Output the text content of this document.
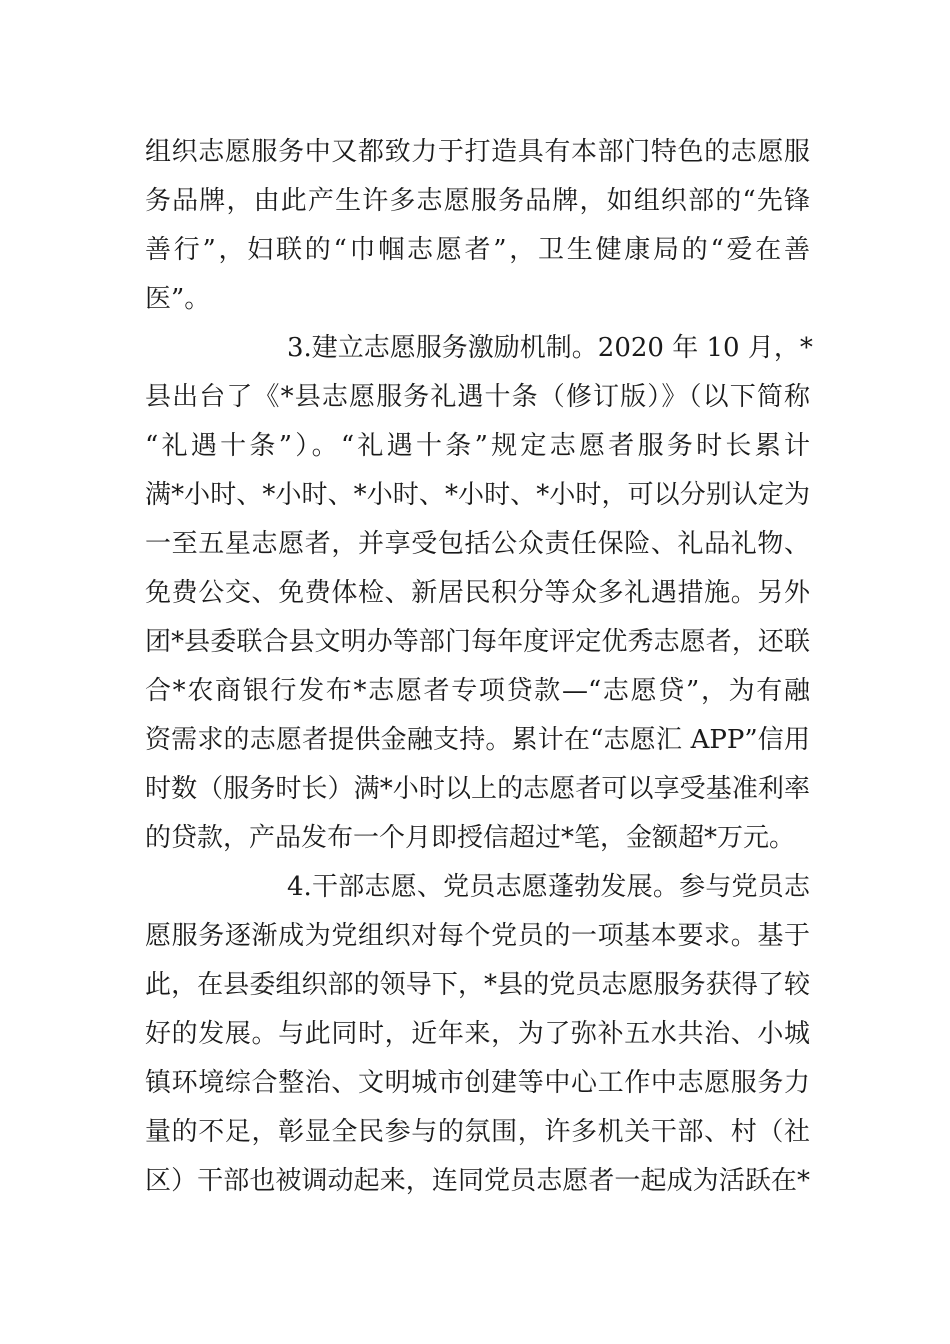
组织志愿服务中又都致力于打造具有本部门特色的志愿服
务品牌，由此产生许多志愿服务品牌，如组织部的“先锋
善行”，妇联的“巾帼志愿者”，卫生健康局的“爱在善
医”。
3.建立志愿服务激励机制。2020 年 10 月，*
县出台了《*县志愿服务礼遇十条（修订版）》（以下简称
“礼遇十条”）。“礼遇十条”规定志愿者服务时长累计
满*小时、*小时、*小时、*小时、*小时，可以分别认定为
一至五星志愿者，并享受包括公众责任保险、礼品礼物、
免费公交、免费体检、新居民积分等众多礼遇措施。另外
团*县委联合县文明办等部门每年度评定优秀志愿者，还联
合*农商银行发布*志愿者专项贷款—“志愿贷”，为有融
资需求的志愿者提供金融支持。累计在“志愿汇 APP”信用
时数（服务时长）满*小时以上的志愿者可以享受基准利率
的贷款，产品发布一个月即授信超过*笔，金额超*万元。
4.干部志愿、党员志愿蓬勃发展。参与党员志
愿服务逐渐成为党组织对每个党员的一项基本要求。基于
此，在县委组织部的领导下，*县的党员志愿服务获得了较
好的发展。与此同时，近年来，为了弥补五水共治、小城
镇环境综合整治、文明城市创建等中心工作中志愿服务力
量的不足，彰显全民参与的氛围，许多机关干部、村（社
区）干部也被调动起来，连同党员志愿者一起成为活跃在*
